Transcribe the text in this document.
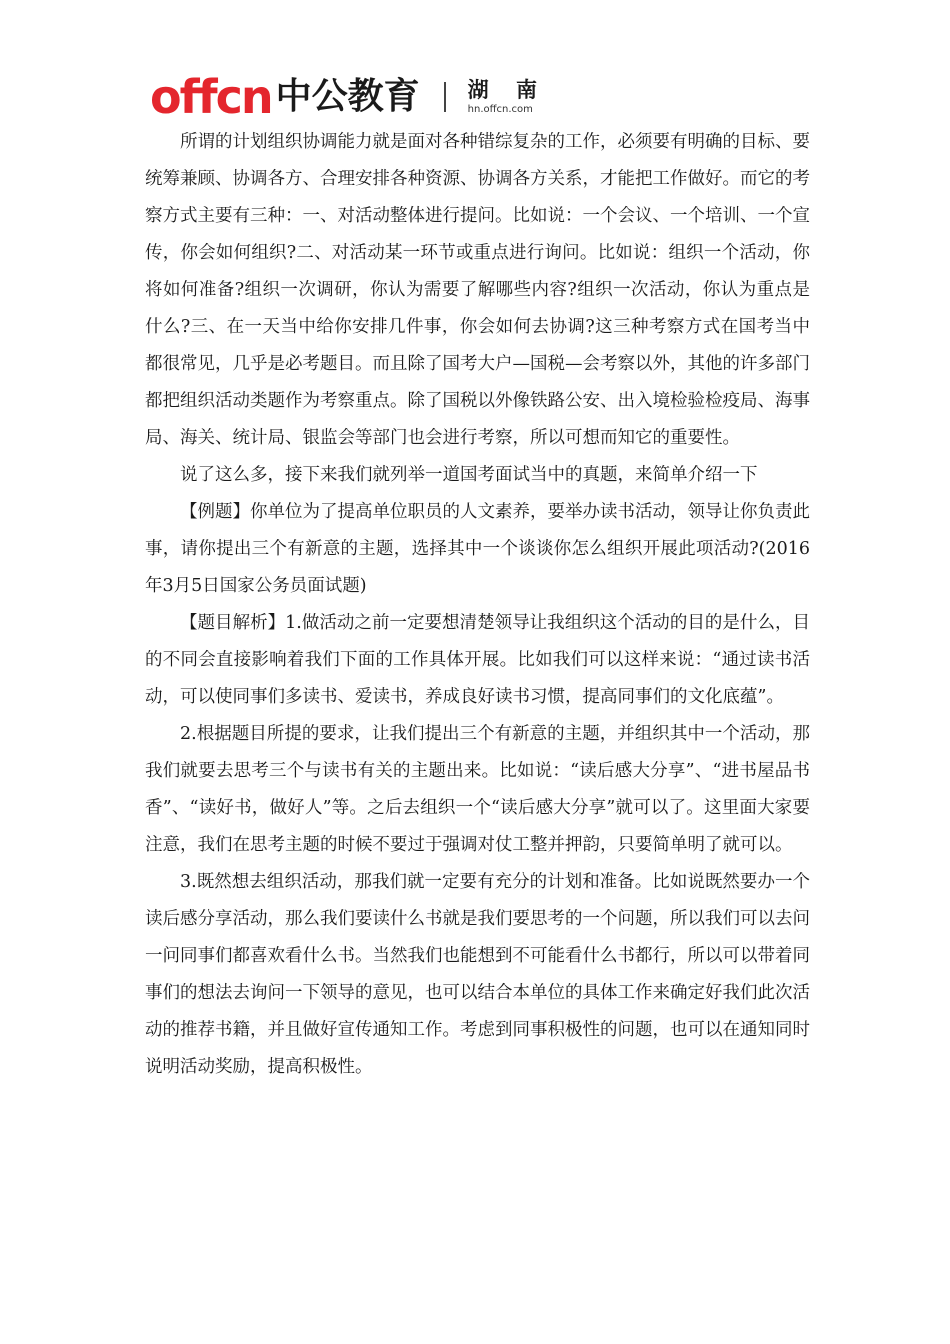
offcn 中公教育 湖 南
hn.offcn.com

所谓的计划组织协调能力就是面对各种错综复杂的工作，必须要有明确的目标、要统筹兼顾、协调各方、合理安排各种资源、协调各方关系，才能把工作做好。而它的考察方式主要有三种：一、对活动整体进行提问。比如说：一个会议、一个培训、一个宣传，你会如何组织?二、对活动某一环节或重点进行询问。比如说：组织一个活动，你将如何准备?组织一次调研，你认为需要了解哪些内容?组织一次活动，你认为重点是什么?三、在一天当中给你安排几件事，你会如何去协调?这三种考察方式在国考当中都很常见，几乎是必考题目。而且除了国考大户—国税—会考察以外，其他的许多部门都把组织活动类题作为考察重点。除了国税以外像铁路公安、出入境检验检疫局、海事局、海关、统计局、银监会等部门也会进行考察，所以可想而知它的重要性。

说了这么多，接下来我们就列举一道国考面试当中的真题，来简单介绍一下

【例题】你单位为了提高单位职员的人文素养，要举办读书活动，领导让你负责此事，请你提出三个有新意的主题，选择其中一个谈谈你怎么组织开展此项活动?(2016年3月5日国家公务员面试题)

【题目解析】1.做活动之前一定要想清楚领导让我组织这个活动的目的是什么，目的不同会直接影响着我们下面的工作具体开展。比如我们可以这样来说：“通过读书活动，可以使同事们多读书、爱读书，养成良好读书习惯，提高同事们的文化底蕴”。

2.根据题目所提的要求，让我们提出三个有新意的主题，并组织其中一个活动，那我们就要去思考三个与读书有关的主题出来。比如说：“读后感大分享”、“进书屋品书香”、“读好书，做好人”等。之后去组织一个“读后感大分享”就可以了。这里面大家要注意，我们在思考主题的时候不要过于强调对仗工整并押韵，只要简单明了就可以。

3.既然想去组织活动，那我们就一定要有充分的计划和准备。比如说既然要办一个读后感分享活动，那么我们要读什么书就是我们要思考的一个问题，所以我们可以去问一问同事们都喜欢看什么书。当然我们也能想到不可能看什么书都行，所以可以带着同事们的想法去询问一下领导的意见，也可以结合本单位的具体工作来确定好我们此次活动的推荐书籍，并且做好宣传通知工作。考虑到同事积极性的问题，也可以在通知同时说明活动奖励，提高积极性。
